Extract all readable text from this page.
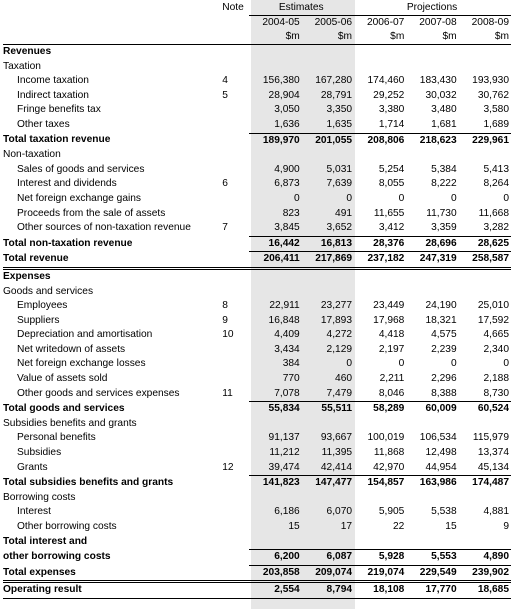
	Note	Estimates		Projections		
		2004-05	2005-06	2006-07	2007-08	2008-09
		$m	$m	$m	$m	$m
Revenues						
Taxation						
Income taxation	4	156,380	167,280	174,460	183,430	193,930
Indirect taxation	5	28,904	28,791	29,252	30,032	30,762
Fringe benefits tax		3,050	3,350	3,380	3,480	3,580
Other taxes		1,636	1,635	1,714	1,681	1,689
Total taxation revenue		189,970	201,055	208,806	218,623	229,961
Non-taxation						
Sales of goods and services		4,900	5,031	5,254	5,384	5,413
Interest and dividends	6	6,873	7,639	8,055	8,222	8,264
Net foreign exchange gains		0	0	0	0	0
Proceeds from the sale of assets		823	491	11,655	11,730	11,668
Other sources of non-taxation revenue	7	3,845	3,652	3,412	3,359	3,282
Total non-taxation revenue		16,442	16,813	28,376	28,696	28,625
Total revenue		206,411	217,869	237,182	247,319	258,587
Expenses						
Goods and services						
Employees	8	22,911	23,277	23,449	24,190	25,010
Suppliers	9	16,848	17,893	17,968	18,321	17,592
Depreciation and amortisation	10	4,409	4,272	4,418	4,575	4,665
Net writedown of assets		3,434	2,129	2,197	2,239	2,340
Net foreign exchange losses		384	0	0	0	0
Value of assets sold		770	460	2,211	2,296	2,188
Other goods and services expenses	11	7,078	7,479	8,046	8,388	8,730
Total goods and services		55,834	55,511	58,289	60,009	60,524
Subsidies benefits and grants						
Personal benefits		91,137	93,667	100,019	106,534	115,979
Subsidies		11,212	11,395	11,868	12,498	13,374
Grants	12	39,474	42,414	42,970	44,954	45,134
Total subsidies benefits and grants		141,823	147,477	154,857	163,986	174,487
Borrowing costs						
Interest		6,186	6,070	5,905	5,538	4,881
Other borrowing costs		15	17	22	15	9
Total interest and						
other borrowing costs		6,200	6,087	5,928	5,553	4,890
Total expenses		203,858	209,074	219,074	229,549	239,902
Operating result		2,554	8,794	18,108	17,770	18,685
